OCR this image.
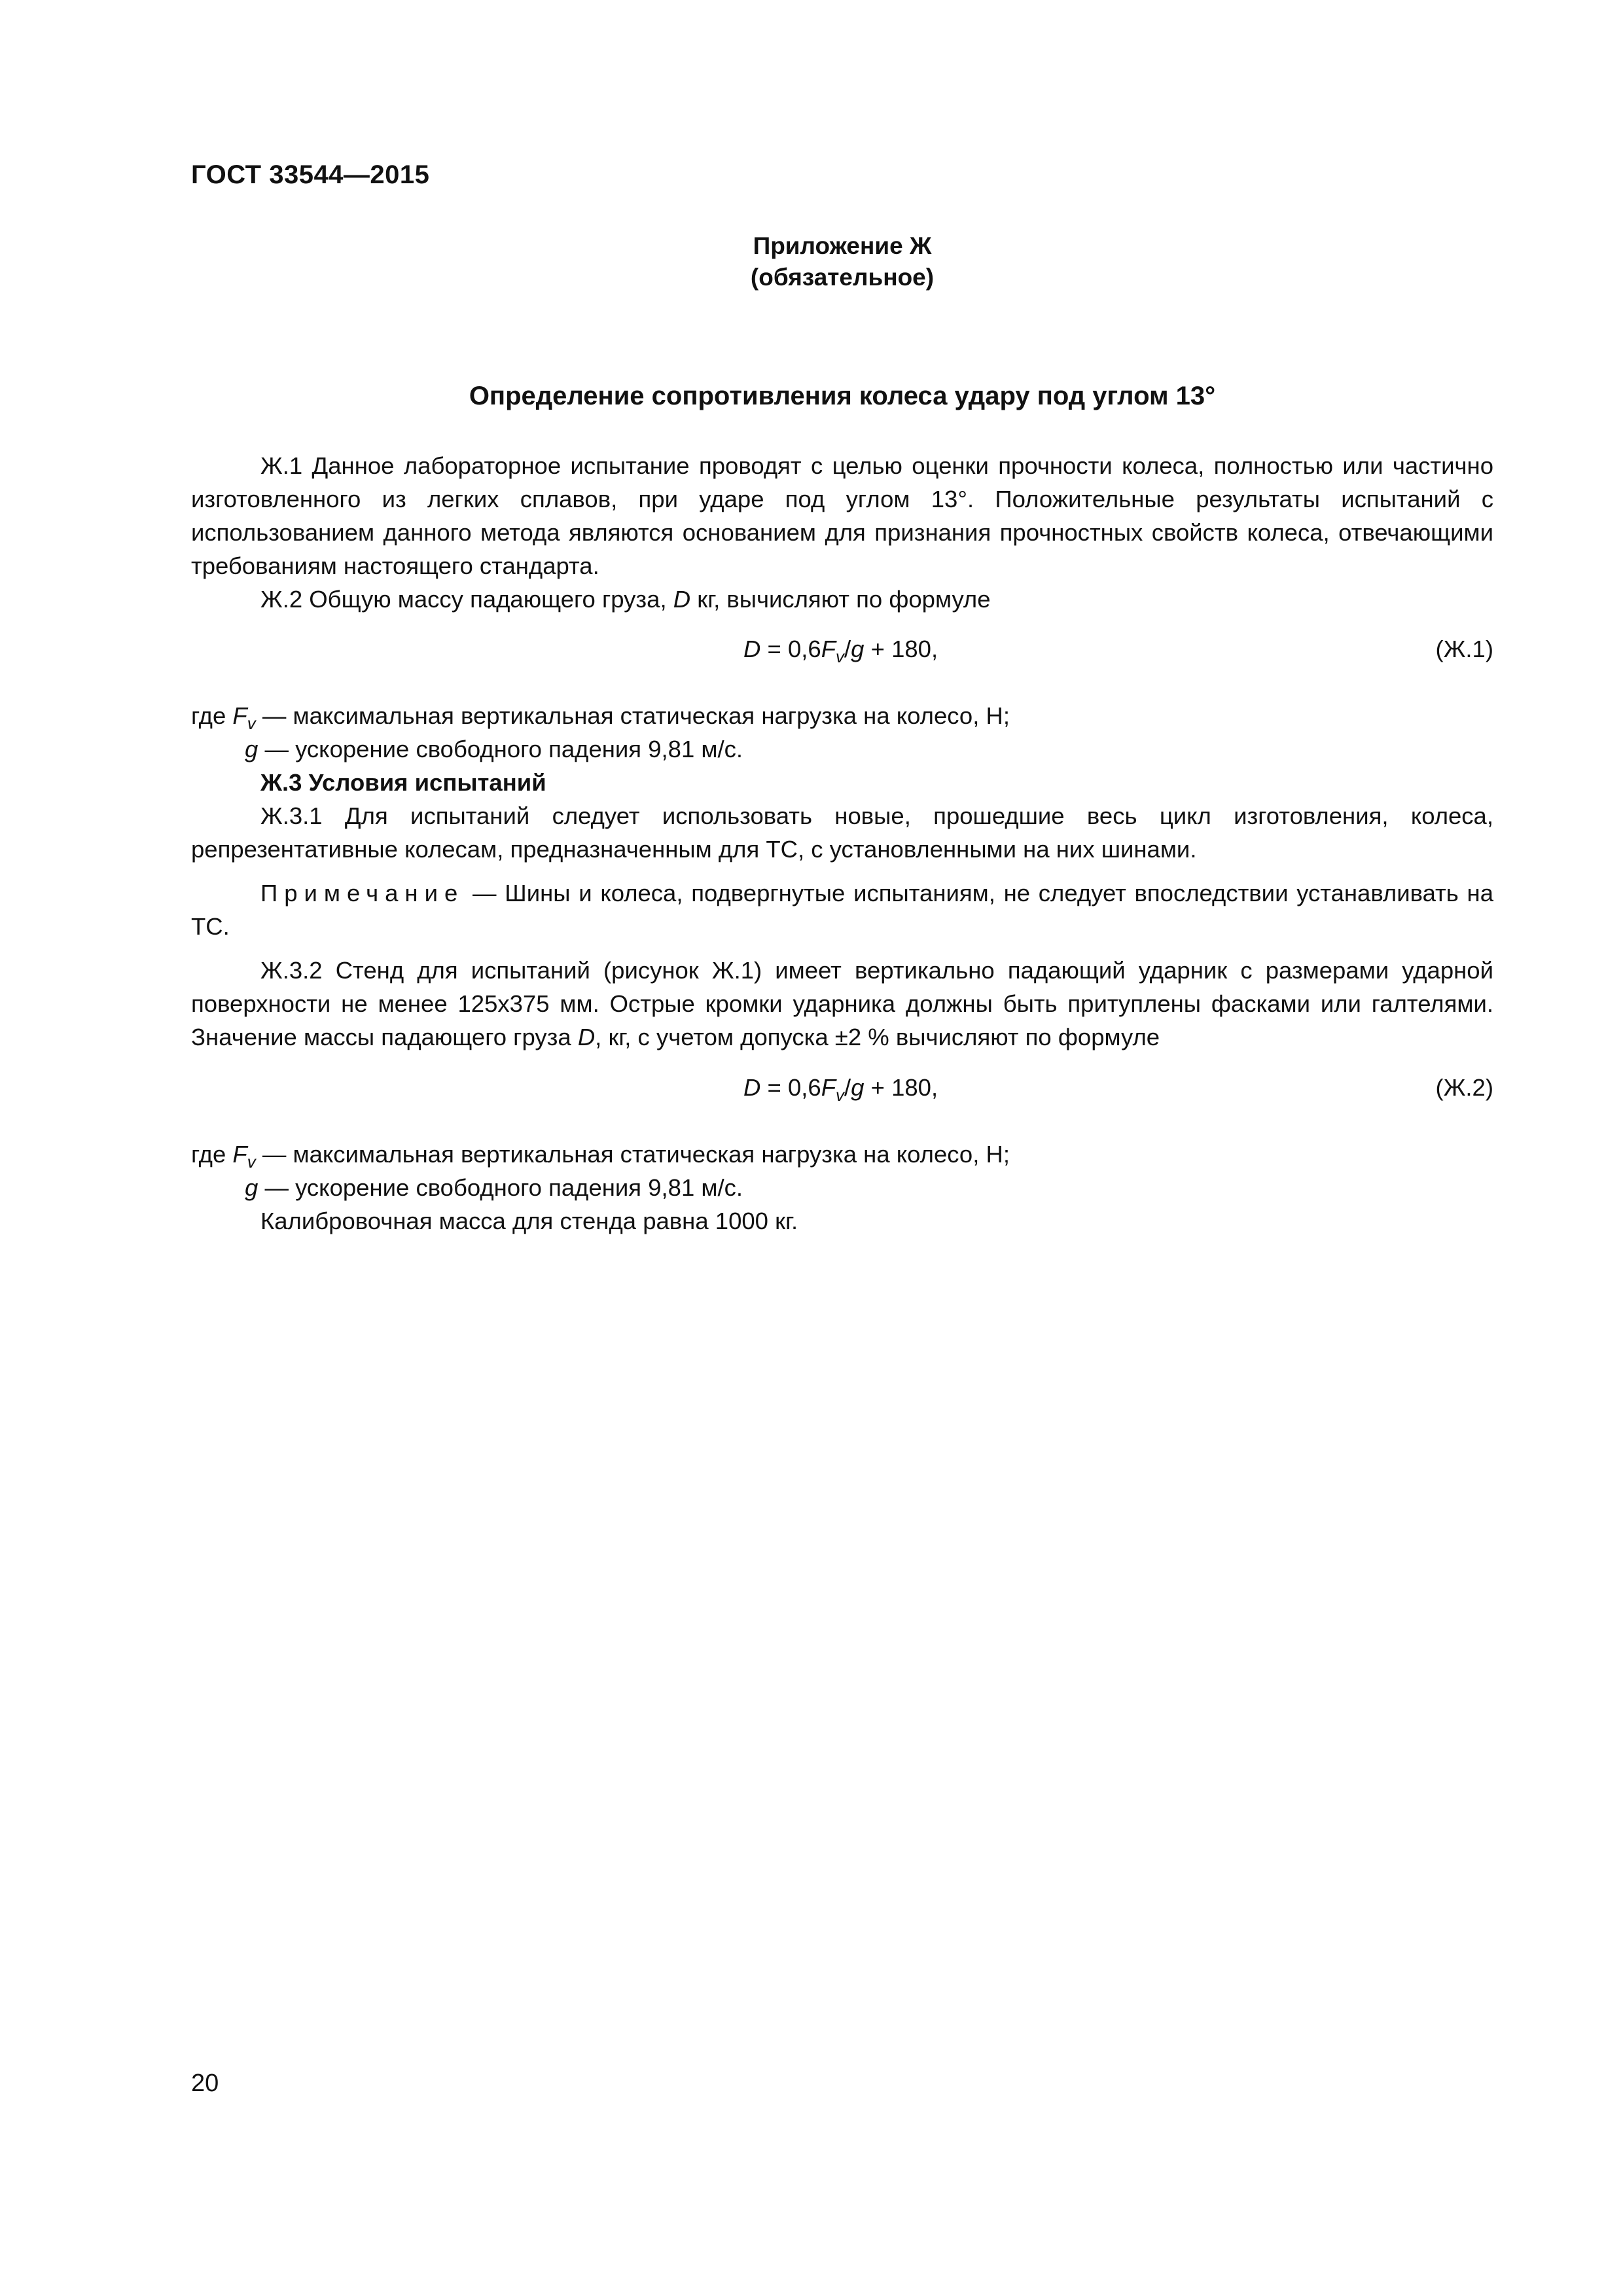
ГОСТ 33544—2015
Приложение Ж
(обязательное)
Определение сопротивления колеса удару под углом 13°

Ж.1 Данное лабораторное испытание проводят с целью оценки прочности колеса, полностью или частично изготовленного из легких сплавов, при ударе под углом 13°. Положительные результаты испытаний с использованием данного метода являются основанием для признания прочностных свойств колеса, отвечающими требованиям настоящего стандарта.

Ж.2 Общую массу падающего груза, D кг, вычисляют по формуле
$D = 0,6F_v/g + 180$,	(Ж.1)
где $F_v$ — максимальная вертикальная статическая нагрузка на колесо, Н;
g — ускорение свободного падения 9,81 м/с.
Ж.3 Условия испытаний

Ж.3.1 Для испытаний следует использовать новые, прошедшие весь цикл изготовления, колеса, репрезентативные колесам, предназначенным для ТС, с установленными на них шинами.

Примечание — Шины и колеса, подвергнутые испытаниям, не следует впоследствии устанавливать на ТС.

Ж.3.2 Стенд для испытаний (рисунок Ж.1) имеет вертикально падающий ударник с размерами ударной поверхности не менее 125х375 мм. Острые кромки ударника должны быть притуплены фасками или галтелями. Значение массы падающего груза D, кг, с учетом допуска ±2 % вычисляют по формуле

$D = 0,6F_v/g + 180$,	(Ж.2)
где $F_v$ — максимальная вертикальная статическая нагрузка на колесо, Н;
g — ускорение свободного падения 9,81 м/с.
Калибровочная масса для стенда равна 1000 кг.
20
